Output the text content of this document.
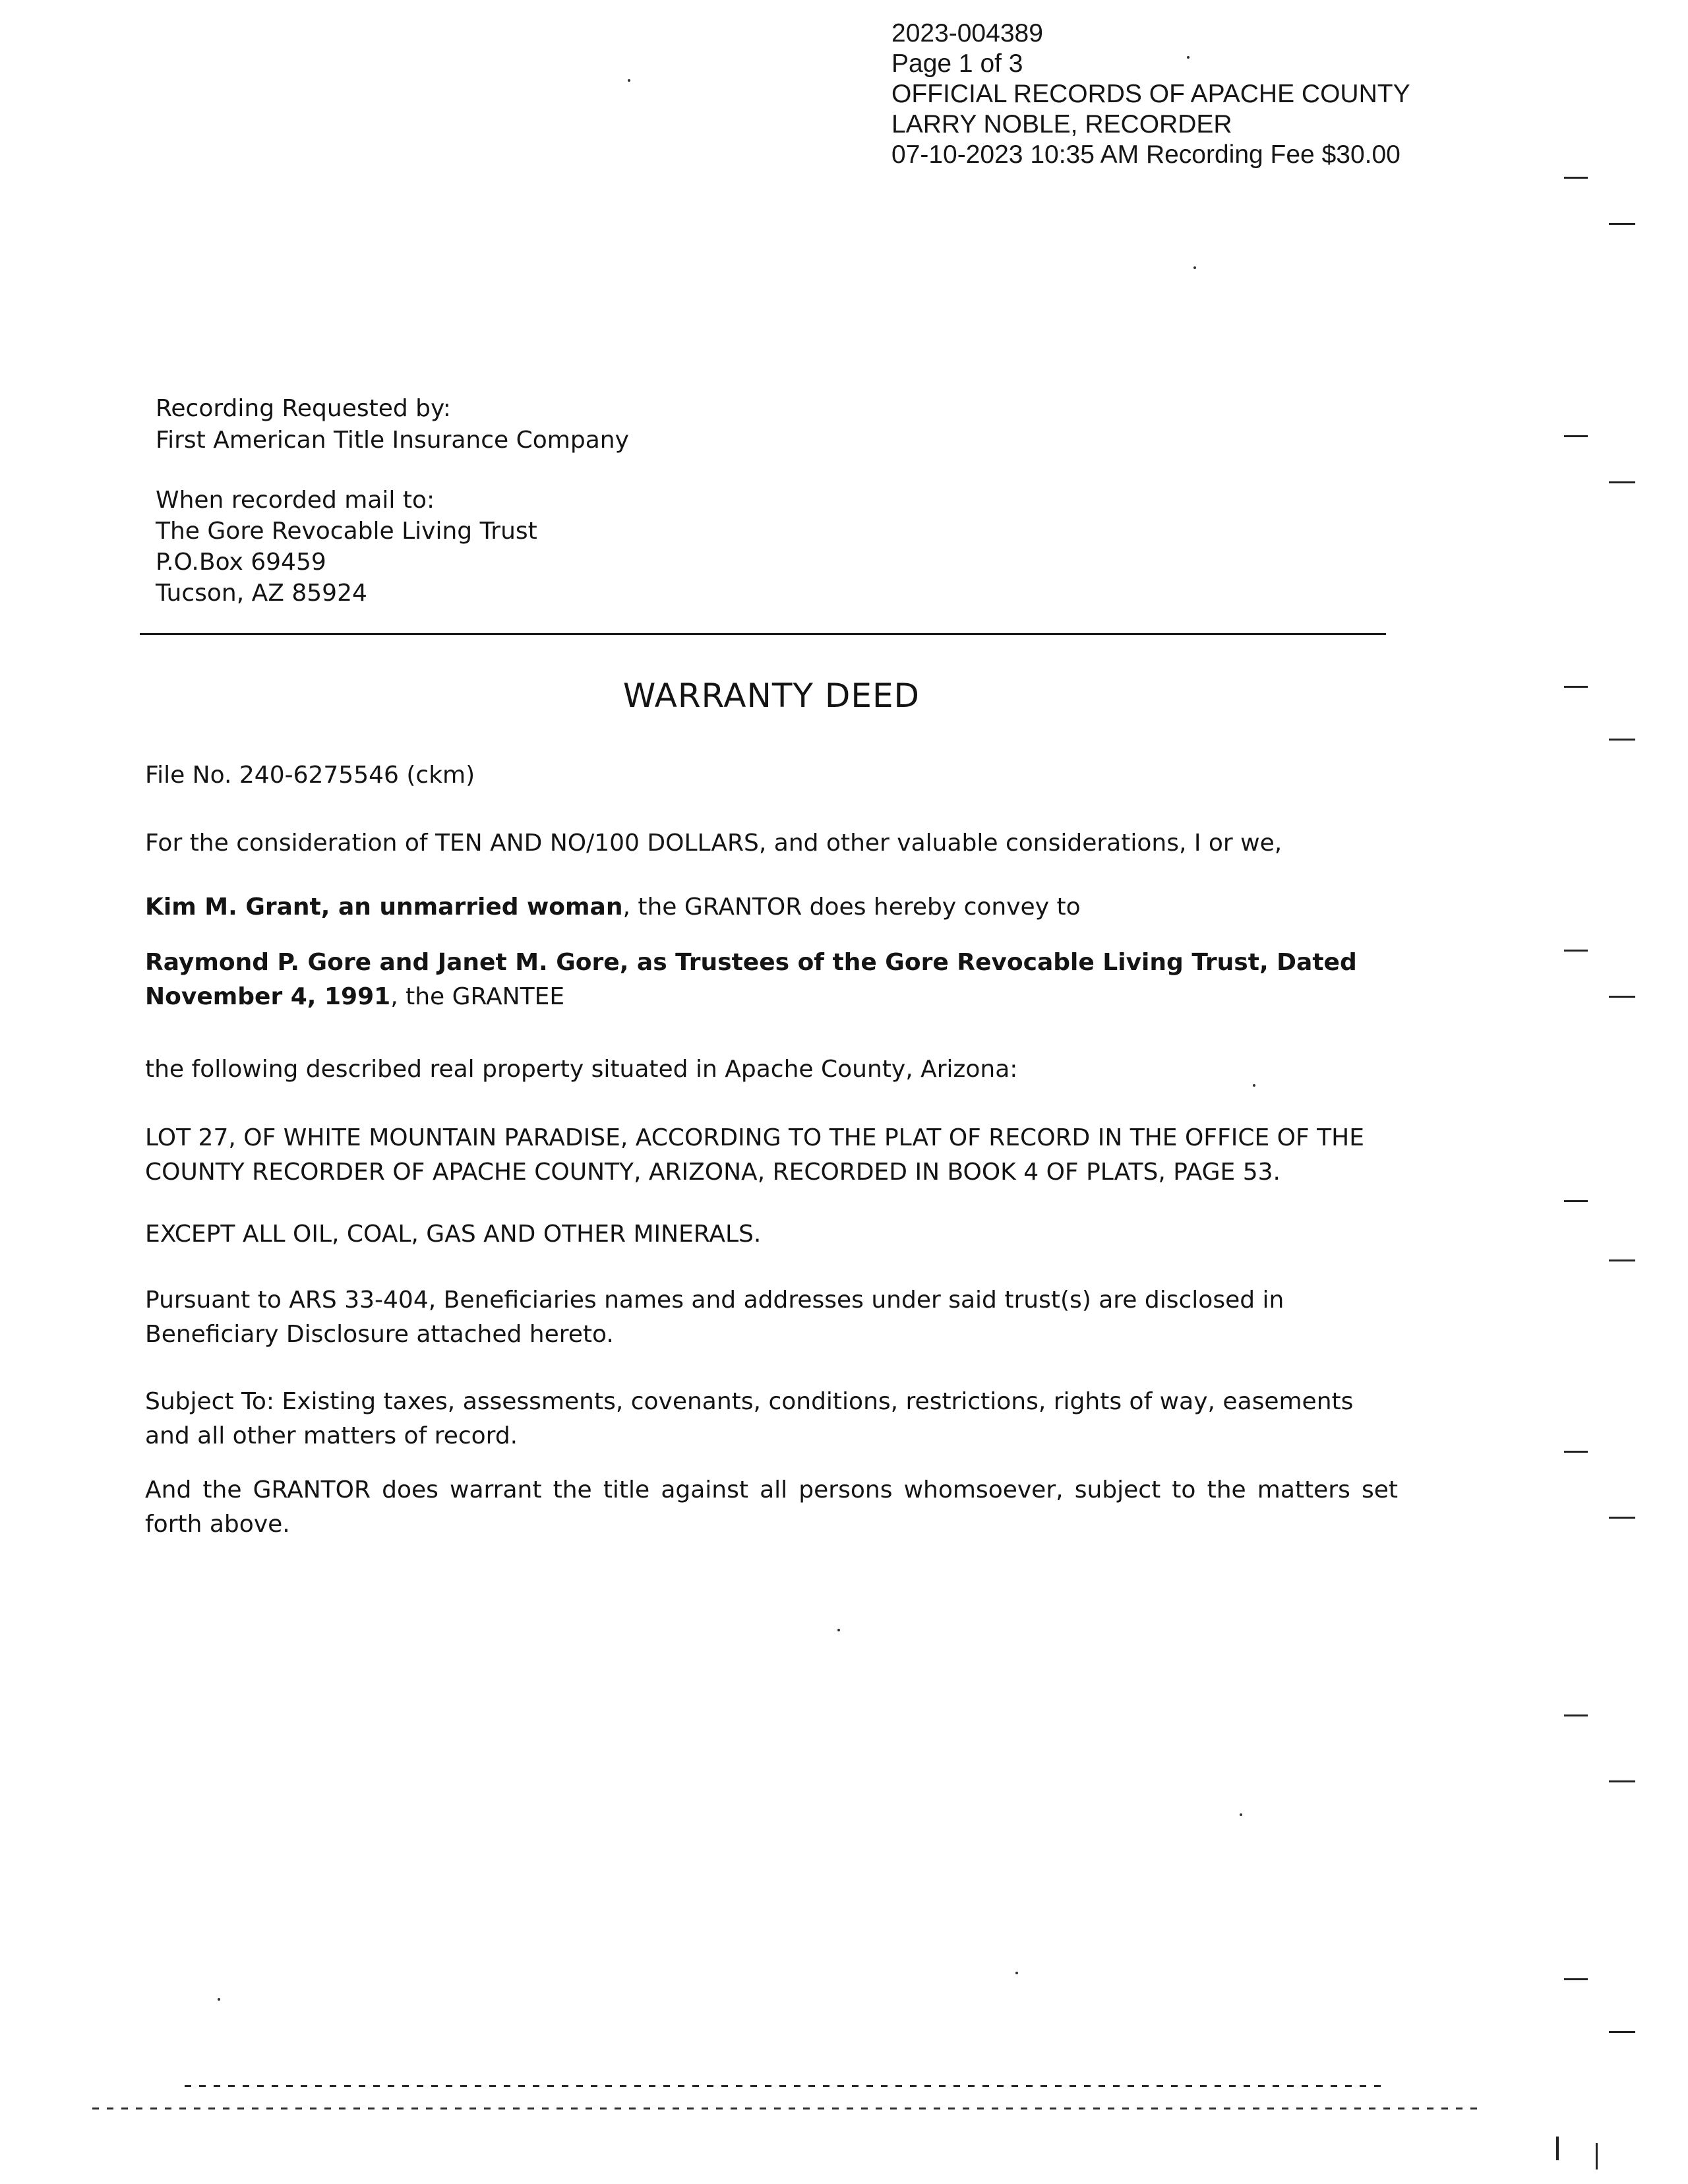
2023-004389
Page 1 of 3
OFFICIAL RECORDS OF APACHE COUNTY
LARRY NOBLE, RECORDER
07-10-2023 10:35 AM Recording Fee $30.00
Recording Requested by:
First American Title Insurance Company
When recorded mail to:
The Gore Revocable Living Trust
P.O.Box 69459
Tucson, AZ 85924
WARRANTY DEED
File No. 240-6275546 (ckm)
For the consideration of TEN AND NO/100 DOLLARS, and other valuable considerations, I or we,
Kim M. Grant, an unmarried woman, the GRANTOR does hereby convey to
Raymond P. Gore and Janet M. Gore, as Trustees of the Gore Revocable Living Trust, Dated November 4, 1991, the GRANTEE
the following described real property situated in Apache County, Arizona:
LOT 27, OF WHITE MOUNTAIN PARADISE, ACCORDING TO THE PLAT OF RECORD IN THE OFFICE OF THE COUNTY RECORDER OF APACHE COUNTY, ARIZONA, RECORDED IN BOOK 4 OF PLATS, PAGE 53.
EXCEPT ALL OIL, COAL, GAS AND OTHER MINERALS.
Pursuant to ARS 33-404, Beneficiaries names and addresses under said trust(s) are disclosed in Beneficiary Disclosure attached hereto.
Subject To: Existing taxes, assessments, covenants, conditions, restrictions, rights of way, easements and all other matters of record.
And the GRANTOR does warrant the title against all persons whomsoever, subject to the matters set forth above.
